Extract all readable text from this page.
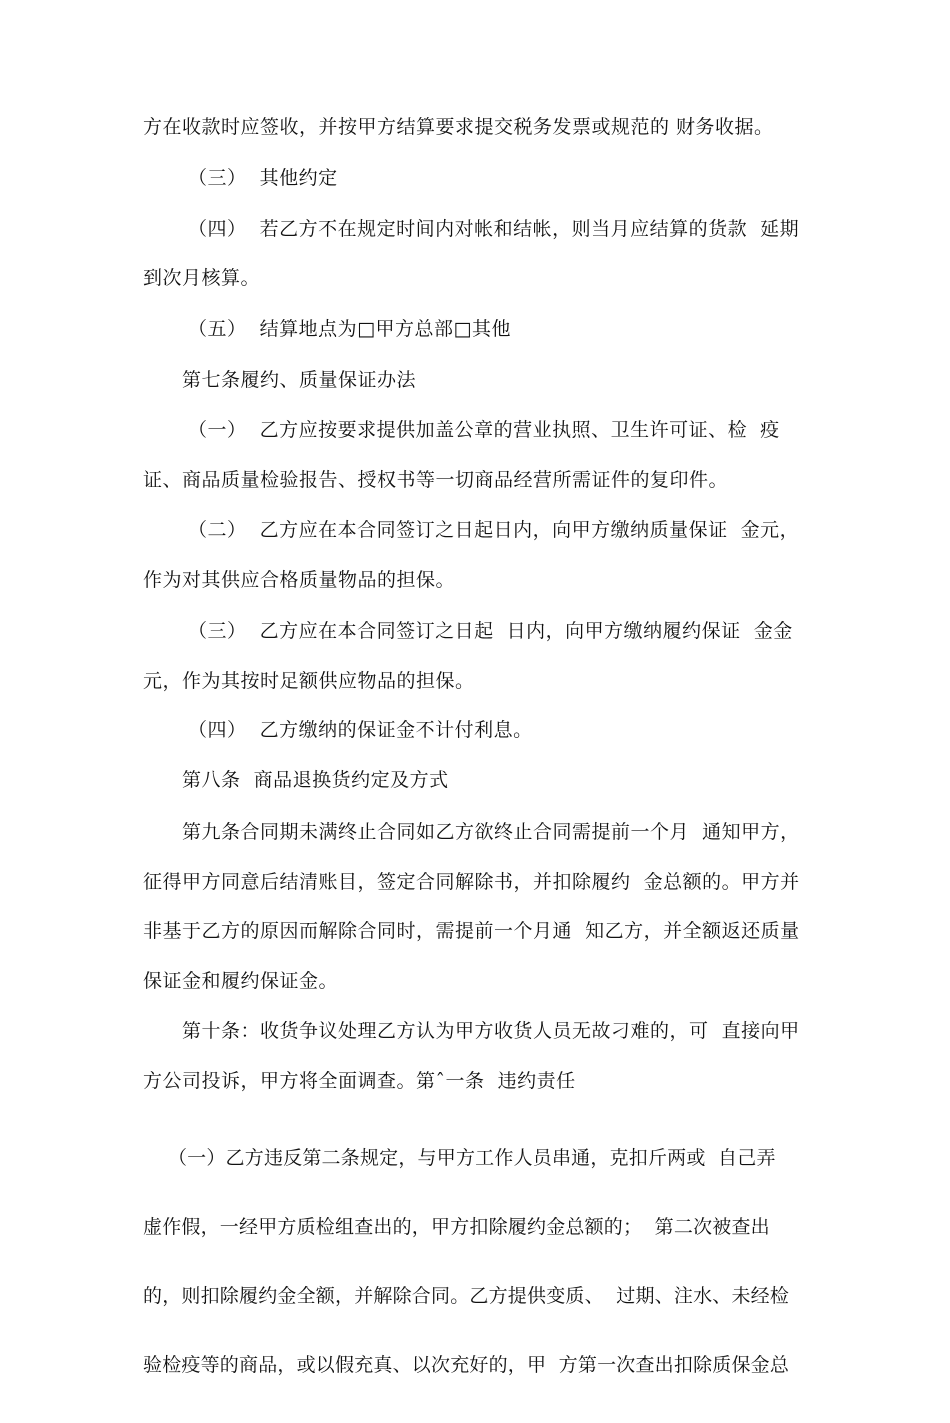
方在收款时应签收，并按甲方结算要求提交税务发票或规范的 财务收据。
（三）  其他约定
（四）  若乙方不在规定时间内对帐和结帐，则当月应结算的货款  延期
到次月核算。
（五）  结算地点为□甲方总部□其他
第七条履约、质量保证办法
（一）  乙方应按要求提供加盖公章的营业执照、卫生许可证、检  疫
证、商品质量检验报告、授权书等一切商品经营所需证件的复印件。
（二）  乙方应在本合同签订之日起日内，向甲方缴纳质量保证  金元，
作为对其供应合格质量物品的担保。
（三）  乙方应在本合同签订之日起  日内，向甲方缴纳履约保证  金金
元，作为其按时足额供应物品的担保。
（四）  乙方缴纳的保证金不计付利息。
第八条  商品退换货约定及方式
第九条合同期未满终止合同如乙方欲终止合同需提前一个月  通知甲方，
征得甲方同意后结清账目，签定合同解除书，并扣除履约  金总额的。甲方并
非基于乙方的原因而解除合同时，需提前一个月通  知乙方，并全额返还质量
保证金和履约保证金。
第十条：收货争议处理乙方认为甲方收货人员无故刁难的，可  直接向甲
方公司投诉，甲方将全面调查。第ˆ一条  违约责任

（一）乙方违反第二条规定，与甲方工作人员串通，克扣斤两或  自己弄

虚作假，一经甲方质检组查出的，甲方扣除履约金总额的；  第二次被查出

的，则扣除履约金全额，并解除合同。乙方提供变质、  过期、注水、未经检

验检疫等的商品，或以假充真、以次充好的，甲  方第一次查出扣除质保金总
